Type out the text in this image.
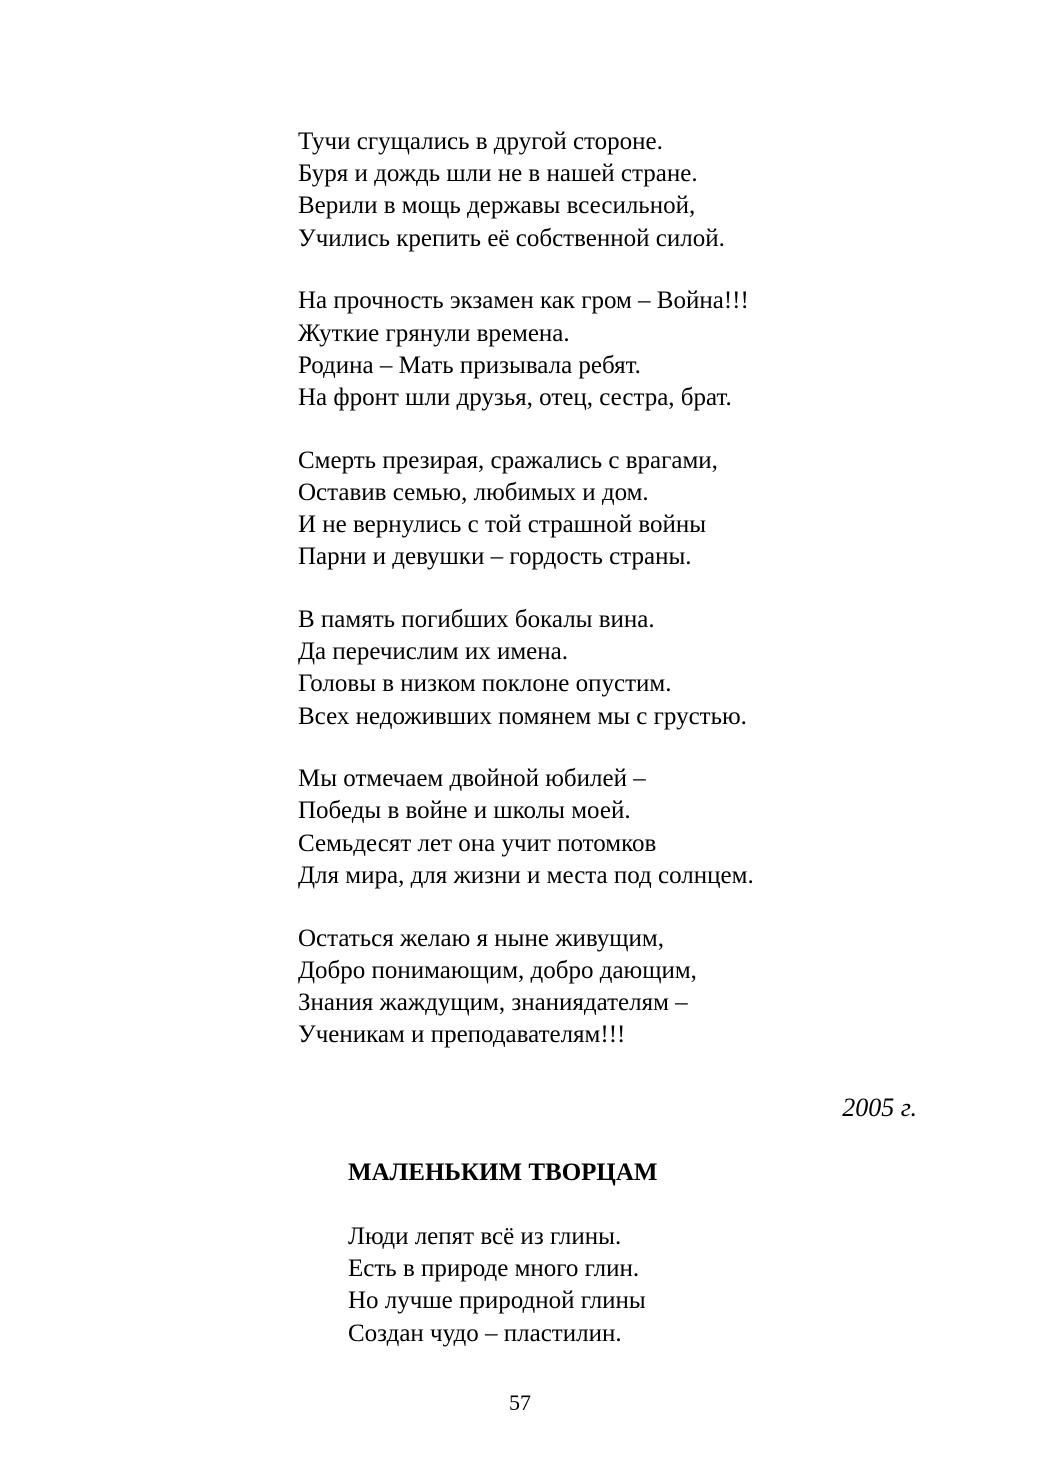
Тучи сгущались в другой стороне.
Буря и дождь шли не в нашей стране.
Верили в мощь державы всесильной,
Учились крепить её собственной силой.
На прочность экзамен как гром – Война!!!
Жуткие грянули времена.
Родина – Мать призывала ребят.
На фронт шли друзья, отец, сестра, брат.
Смерть презирая, сражались с врагами,
Оставив семью, любимых и дом.
И не вернулись с той страшной войны
Парни и девушки – гордость страны.
В память погибших бокалы вина.
Да перечислим их имена.
Головы в низком поклоне опустим.
Всех недоживших помянем мы с грустью.
Мы отмечаем двойной юбилей –
Победы в войне и школы моей.
Семьдесят лет она учит потомков
Для мира, для жизни и места под солнцем.
Остаться желаю я ныне живущим,
Добро понимающим, добро дающим,
Знания жаждущим, знаниядателям –
Ученикам и преподавателям!!!
2005 г.
МАЛЕНЬКИМ ТВОРЦАМ
Люди лепят всё из глины.
Есть в природе много глин.
Но лучше природной глины
Создан чудо – пластилин.
57
